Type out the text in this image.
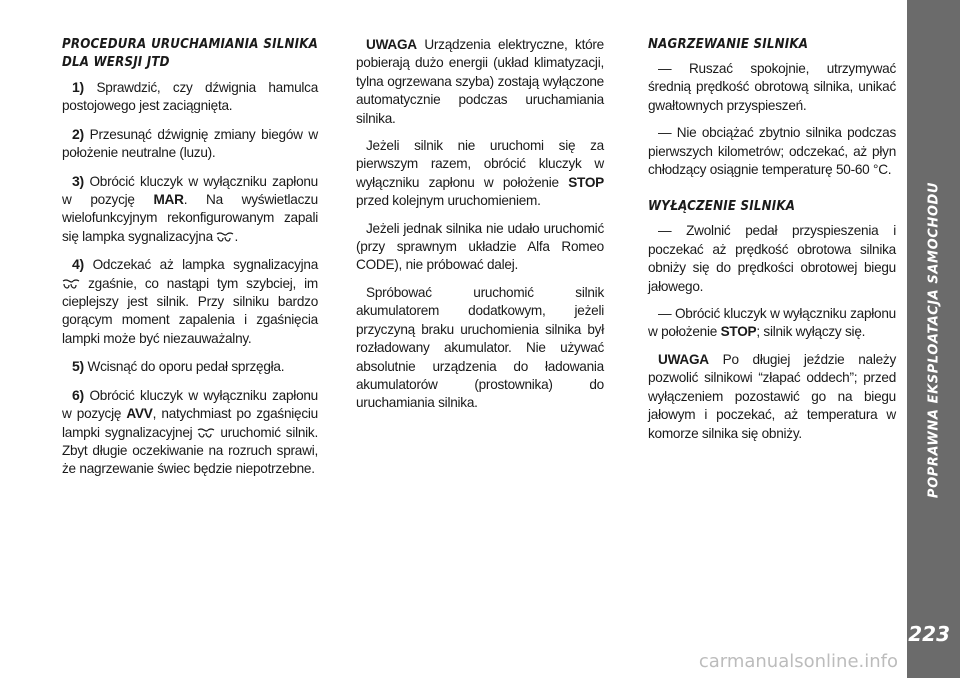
PROCEDURA URUCHAMIANIA SILNIKA DLA WERSJI JTD

1) Sprawdzić, czy dźwignia hamulca postojowego jest zaciągnięta.

2) Przesunąć dźwignię zmiany biegów w położenie neutralne (luzu).

3) Obrócić kluczyk w wyłączniku zapłonu w pozycję MAR. Na wyświetlaczu wielofunkcyjnym rekonfigurowanym zapali się lampka sygnalizacyjna .

4) Odczekać aż lampka sygnalizacyjna  zgaśnie, co nastąpi tym szybciej, im cieplejszy jest silnik. Przy silniku bardzo gorącym moment zapalenia i zgaśnięcia lampki może być niezauważalny.

5) Wcisnąć do oporu pedał sprzęgła.

6) Obrócić kluczyk w wyłączniku zapłonu w pozycję AVV, natychmiast po zgaśnięciu lampki sygnalizacyjnej  uruchomić silnik. Zbyt długie oczekiwanie na rozruch sprawi, że nagrzewanie świec będzie niepotrzebne.

UWAGA Urządzenia elektryczne, które pobierają dużo energii (układ klimatyzacji, tylna ogrzewana szyba) zostają wyłączone automatycznie podczas uruchamiania silnika.

Jeżeli silnik nie uruchomi się za pierwszym razem, obrócić kluczyk w wyłączniku zapłonu w położenie STOP przed kolejnym uruchomieniem.

Jeżeli jednak silnika nie udało uruchomić (przy sprawnym układzie Alfa Romeo CODE), nie próbować dalej.

Spróbować uruchomić silnik akumulatorem dodatkowym, jeżeli przyczyną braku uruchomienia silnika był rozładowany akumulator. Nie używać absolutnie urządzenia do ładowania akumulatorów (prostownika) do uruchamiania silnika.

NAGRZEWANIE SILNIKA

— Ruszać spokojnie, utrzymywać średnią prędkość obrotową silnika, unikać gwałtownych przyspieszeń.

— Nie obciążać zbytnio silnika podczas pierwszych kilometrów; odczekać, aż płyn chłodzący osiągnie temperaturę 50-60 °C.

WYŁĄCZENIE SILNIKA

— Zwolnić pedał przyspieszenia i poczekać aż prędkość obrotowa silnika obniży się do prędkości obrotowej biegu jałowego.

— Obrócić kluczyk w wyłączniku zapłonu w położenie STOP; silnik wyłączy się.

UWAGA Po długiej jeździe należy pozwolić silnikowi “złapać oddech”; przed wyłączeniem pozostawić go na biegu jałowym i poczekać, aż temperatura w komorze silnika się obniży.	POPRAWNA EKSPLOATACJA SAMOCHODU
223
carmanualsonline.info
